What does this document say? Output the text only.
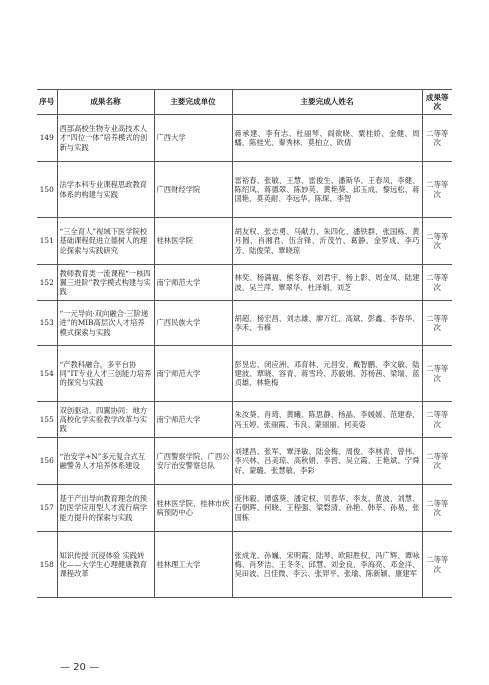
序号	成果名称	主要完成单位	主要完成人姓名	成果等次
149	西部高校生物专业高技术人才“四位一体”培养模式的创新与实践	广西大学	蒋承建、李有志、杜丽琴、阎欲晓、粟桂娇、金健、周蟠、陈桂光、秦秀林、莫柏立、欧倩	二等等次
150	法学本科专业课程思政教育体系的构建与实践	广西财经学院	雷裕春、张敏、王慧、雷俊生、潘斯华、王春凤、李健、陈绍凤、蒋德翠、陈妙英、黄艳葵、邱玉成、黎远松、蒋国艳、莫英耐、李远华、陈琛、李智	二等等次
151	“三全育人”视域下医学院校基础课程促进立德树人的理论探索与实践研究	桂林医学院	胡友权、张志勇、马献力、朱四化、潘铁群、张国栋、黄月圆、肖湘君、伍含锋、沂茂竹、葛静、金罗成、李巧芳、陆俊荣、覃晓琼	二等等次
152	教师教育类一流课程“一核四翼三进阶”教学模式构建与实践	南宁师范大学	林奕、杨满福、熊冬春、刘君宇、杨上影、周金凤、陆建波、吴兰萍、覃翠华、杜泽娟、刘芝	二等等次
153	“一元导向·双向融合·三阶递进”的MIB高层次人才培养模式探索与实践	广西民族大学	胡超、杨宏昌、刘志雄、廖万红、高斌、彭鑫、李春华、李禾、韦褓	二等等次
154	“产教科融合，多平台协同”IT专业人才三创能力培养的探究与实践	南宁师范大学	彭昱忠、闭应洲、邓育林、元昌安、戴智鹏、李文敏、陆建波、覃晓、容青、蒋雪玲、苏毅娟、苏杨茜、梁瑞、蓝贞雄、林艳梅	二等等次
155	双创驱动、四翼协同：地方高校化学实验教学改革与实践	南宁师范大学	朱汝葵、肖琦、黄曦、陈思静、杨晶、李媛媛、范建春、冯玉婷、张丽霞、韦良、蒙丽丽、何美姿	二等等次
156	“治安学+N”多元复合式互融警务人才培养体系建设	广西警察学院、广西公安厅治安警察总队	刘建昌、张军、覃泽敏、陆金梅、周俊、李林青、曾伟、李兴林、吕美琼、高秋娟、李晋、吴立霞、王艳斌、宁舜好、蒙璐、张慧敏、李彩	二等等次
157	基于产出导向教育理念的预防医学应用型人才流行病学能力提升的探索与实践	桂林医学院、桂林市疾病预防中心	庞伟毅、谭盛葵、潘定权、贝春华、李友、黄波、刘慧、石朝晖、何晓、王程强、梁磬清、孙艳、韩莘、孙易、张国栋	二等等次
158	知识传授 沉浸体验 实践转化——大学生心理健康教育课程改革	桂林理工大学	张成龙、孙巍、宋明霞、陆琴、欧阳胜权、冯广辉、谭咏梅、肖梦洁、王冬冬、邱慧、刘金良、李海亮、邓金洋、吴田波、吕佳微、李云、张羿平、张瑜、陈新颖、康建军	二等等次
— 20 —
